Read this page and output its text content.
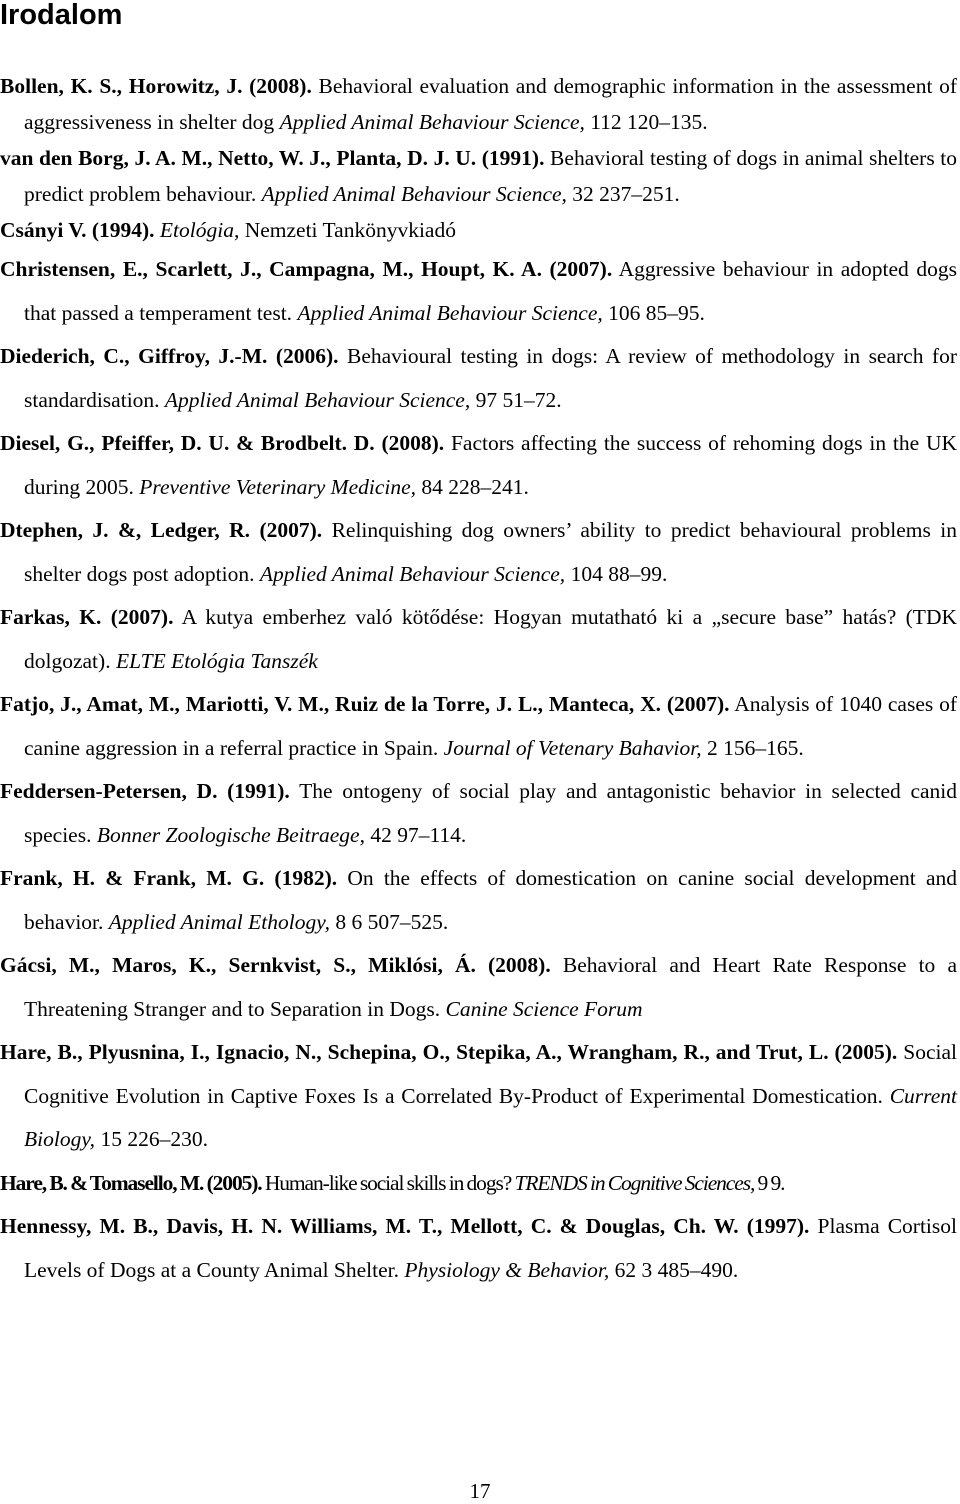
Irodalom

Bollen, K. S., Horowitz, J. (2008). Behavioral evaluation and demographic information in the assessment of aggressiveness in shelter dog Applied Animal Behaviour Science, 112 120–135.

van den Borg, J. A. M., Netto, W. J., Planta, D. J. U. (1991). Behavioral testing of dogs in animal shelters to predict problem behaviour. Applied Animal Behaviour Science, 32 237–251.

Csányi V. (1994). Etológia, Nemzeti Tankönyvkiadó

Christensen, E., Scarlett, J., Campagna, M., Houpt, K. A. (2007). Aggressive behaviour in adopted dogs that passed a temperament test. Applied Animal Behaviour Science, 106 85–95.

Diederich, C., Giffroy, J.-M. (2006). Behavioural testing in dogs: A review of methodology in search for standardisation. Applied Animal Behaviour Science, 97 51–72.

Diesel, G., Pfeiffer, D. U. & Brodbelt. D. (2008). Factors affecting the success of rehoming dogs in the UK during 2005. Preventive Veterinary Medicine, 84 228–241.

Dtephen, J. &, Ledger, R. (2007). Relinquishing dog owners’ ability to predict behavioural problems in shelter dogs post adoption. Applied Animal Behaviour Science, 104 88–99.

Farkas, K. (2007). A kutya emberhez való kötődése: Hogyan mutatható ki a „secure base” hatás? (TDK dolgozat). ELTE Etológia Tanszék

Fatjo, J., Amat, M., Mariotti, V. M., Ruiz de la Torre, J. L., Manteca, X. (2007). Analysis of 1040 cases of canine aggression in a referral practice in Spain. Journal of Vetenary Bahavior, 2 156–165.

Feddersen-Petersen, D. (1991). The ontogeny of social play and antagonistic behavior in selected canid species. Bonner Zoologische Beitraege, 42 97–114.

Frank, H. & Frank, M. G. (1982). On the effects of domestication on canine social development and behavior. Applied Animal Ethology, 8 6 507–525.

Gácsi, M., Maros, K., Sernkvist, S., Miklósi, Á. (2008). Behavioral and Heart Rate Response to a Threatening Stranger and to Separation in Dogs. Canine Science Forum

Hare, B., Plyusnina, I., Ignacio, N., Schepina, O., Stepika, A., Wrangham, R., and Trut, L. (2005). Social Cognitive Evolution in Captive Foxes Is a Correlated By-Product of Experimental Domestication. Current Biology, 15 226–230.

Hare, B. & Tomasello, M. (2005). Human-like social skills in dogs? TRENDS in Cognitive Sciences, 9 9.

Hennessy, M. B., Davis, H. N. Williams, M. T., Mellott, C. & Douglas, Ch. W. (1997). Plasma Cortisol Levels of Dogs at a County Animal Shelter. Physiology & Behavior, 62 3 485–490.

17
